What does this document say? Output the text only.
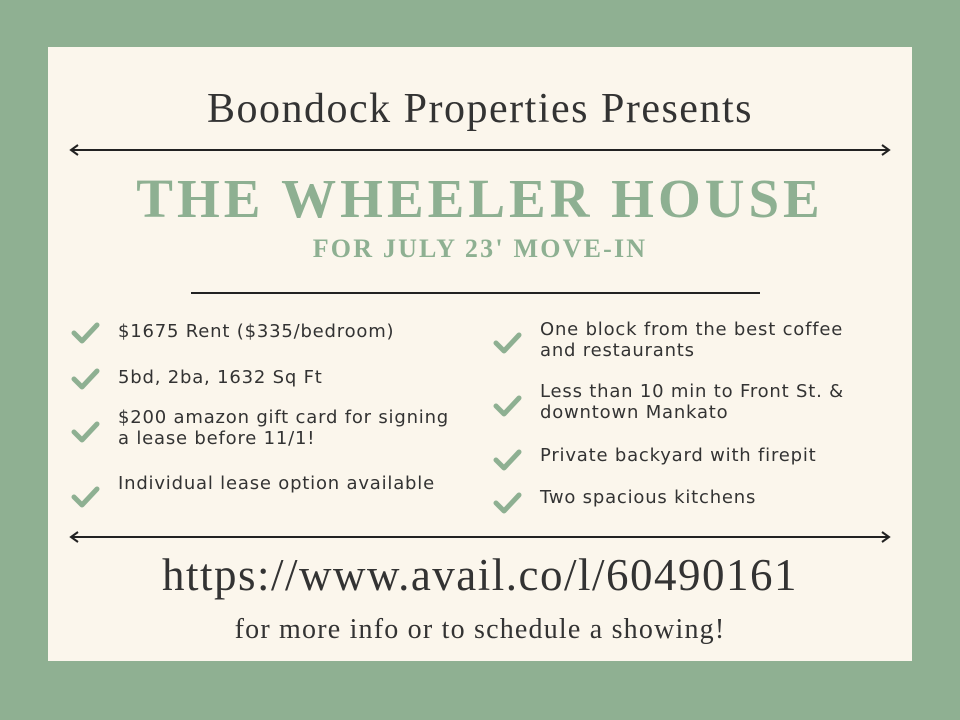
Boondock Properties Presents
THE WHEELER HOUSE
FOR JULY 23' MOVE-IN
$1675 Rent ($335/bedroom)
5bd, 2ba, 1632 Sq Ft
$200 amazon gift card for signing a lease before 11/1!
Individual lease option available
One block from the best coffee and restaurants
Less than 10 min to Front St. & downtown Mankato
Private backyard with firepit
Two spacious kitchens
https://www.avail.co/l/60490161
for more info or to schedule a showing!
